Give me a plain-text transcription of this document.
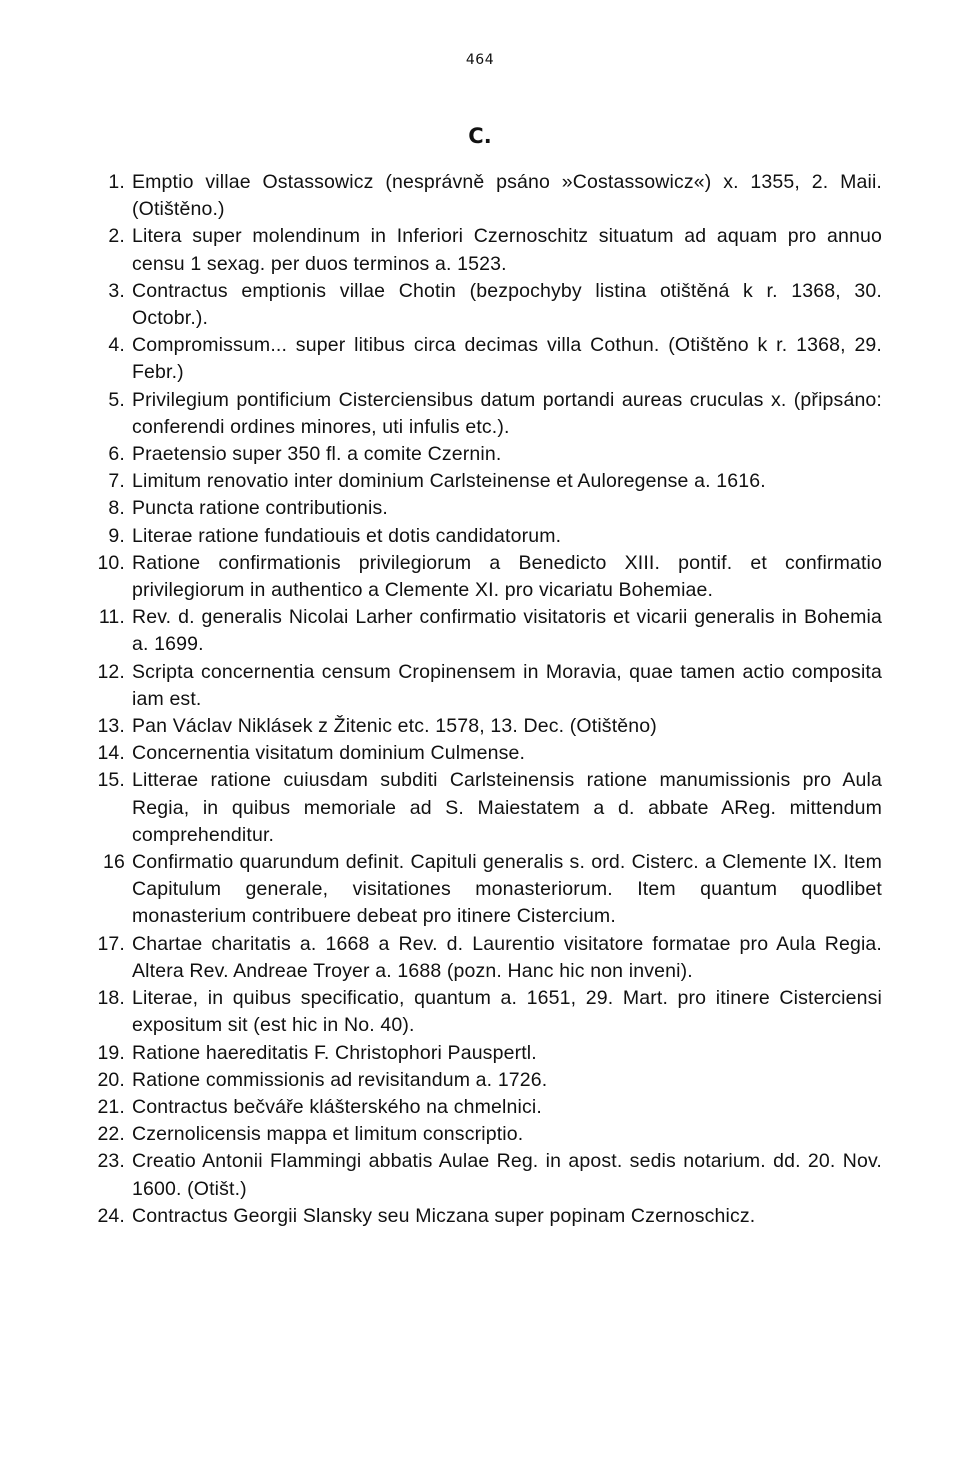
464
C.
1. Emptio villae Ostassowicz (nesprávně psáno »Costassowicz«) x. 1355, 2. Maii. (Otištěno.)
2. Litera super molendinum in Inferiori Czernoschitz situatum ad aquam pro annuo censu 1 sexag. per duos terminos a. 1523.
3. Contractus emptionis villae Chotin (bezpochyby listina otištěná k r. 1368, 30. Octobr.).
4. Compromissum... super litibus circa decimas villa Cothun. (Otištěno k r. 1368, 29. Febr.)
5. Privilegium pontificium Cisterciensibus datum portandi aureas cruculas x. (připsáno: conferendi ordines minores, uti infulis etc.).
6. Praetensio super 350 fl. a comite Czernin.
7. Limitum renovatio inter dominium Carlsteinense et Auloregense a. 1616.
8. Puncta ratione contributionis.
9. Literae ratione fundatiouis et dotis candidatorum.
10. Ratione confirmationis privilegiorum a Benedicto XIII. pontif. et confirmatio privilegiorum in authentico a Clemente XI. pro vicariatu Bohemiae.
11. Rev. d. generalis Nicolai Larher confirmatio visitatoris et vicarii generalis in Bohemia a. 1699.
12. Scripta concernentia censum Cropinensem in Moravia, quae tamen actio composita iam est.
13. Pan Václav Niklásek z Žitenic etc. 1578, 13. Dec. (Otištěno)
14. Concernentia visitatum dominium Culmense.
15. Litterae ratione cuiusdam subditi Carlsteinensis ratione manumissionis pro Aula Regia, in quibus memoriale ad S. Maiestatem a d. abbate AReg. mittendum comprehenditur.
16 Confirmatio quarundum definit. Capituli generalis s. ord. Cisterc. a Clemente IX. Item Capitulum generale, visitationes monasteriorum. Item quantum quodlibet monasterium contribuere debeat pro itinere Cistercium.
17. Chartae charitatis a. 1668 a Rev. d. Laurentio visitatore formatae pro Aula Regia. Altera Rev. Andreae Troyer a. 1688 (pozn. Hanc hic non inveni).
18. Literae, in quibus specificatio, quantum a. 1651, 29. Mart. pro itinere Cisterciensi expositum sit (est hic in No. 40).
19. Ratione haereditatis F. Christophori Pauspertl.
20. Ratione commissionis ad revisitandum a. 1726.
21. Contractus bečváře klášterského na chmelnici.
22. Czernolicensis mappa et limitum conscriptio.
23. Creatio Antonii Flammingi abbatis Aulae Reg. in apost. sedis notarium. dd. 20. Nov. 1600. (Otišt.)
24. Contractus Georgii Slansky seu Miczana super popinam Czernoschicz.
